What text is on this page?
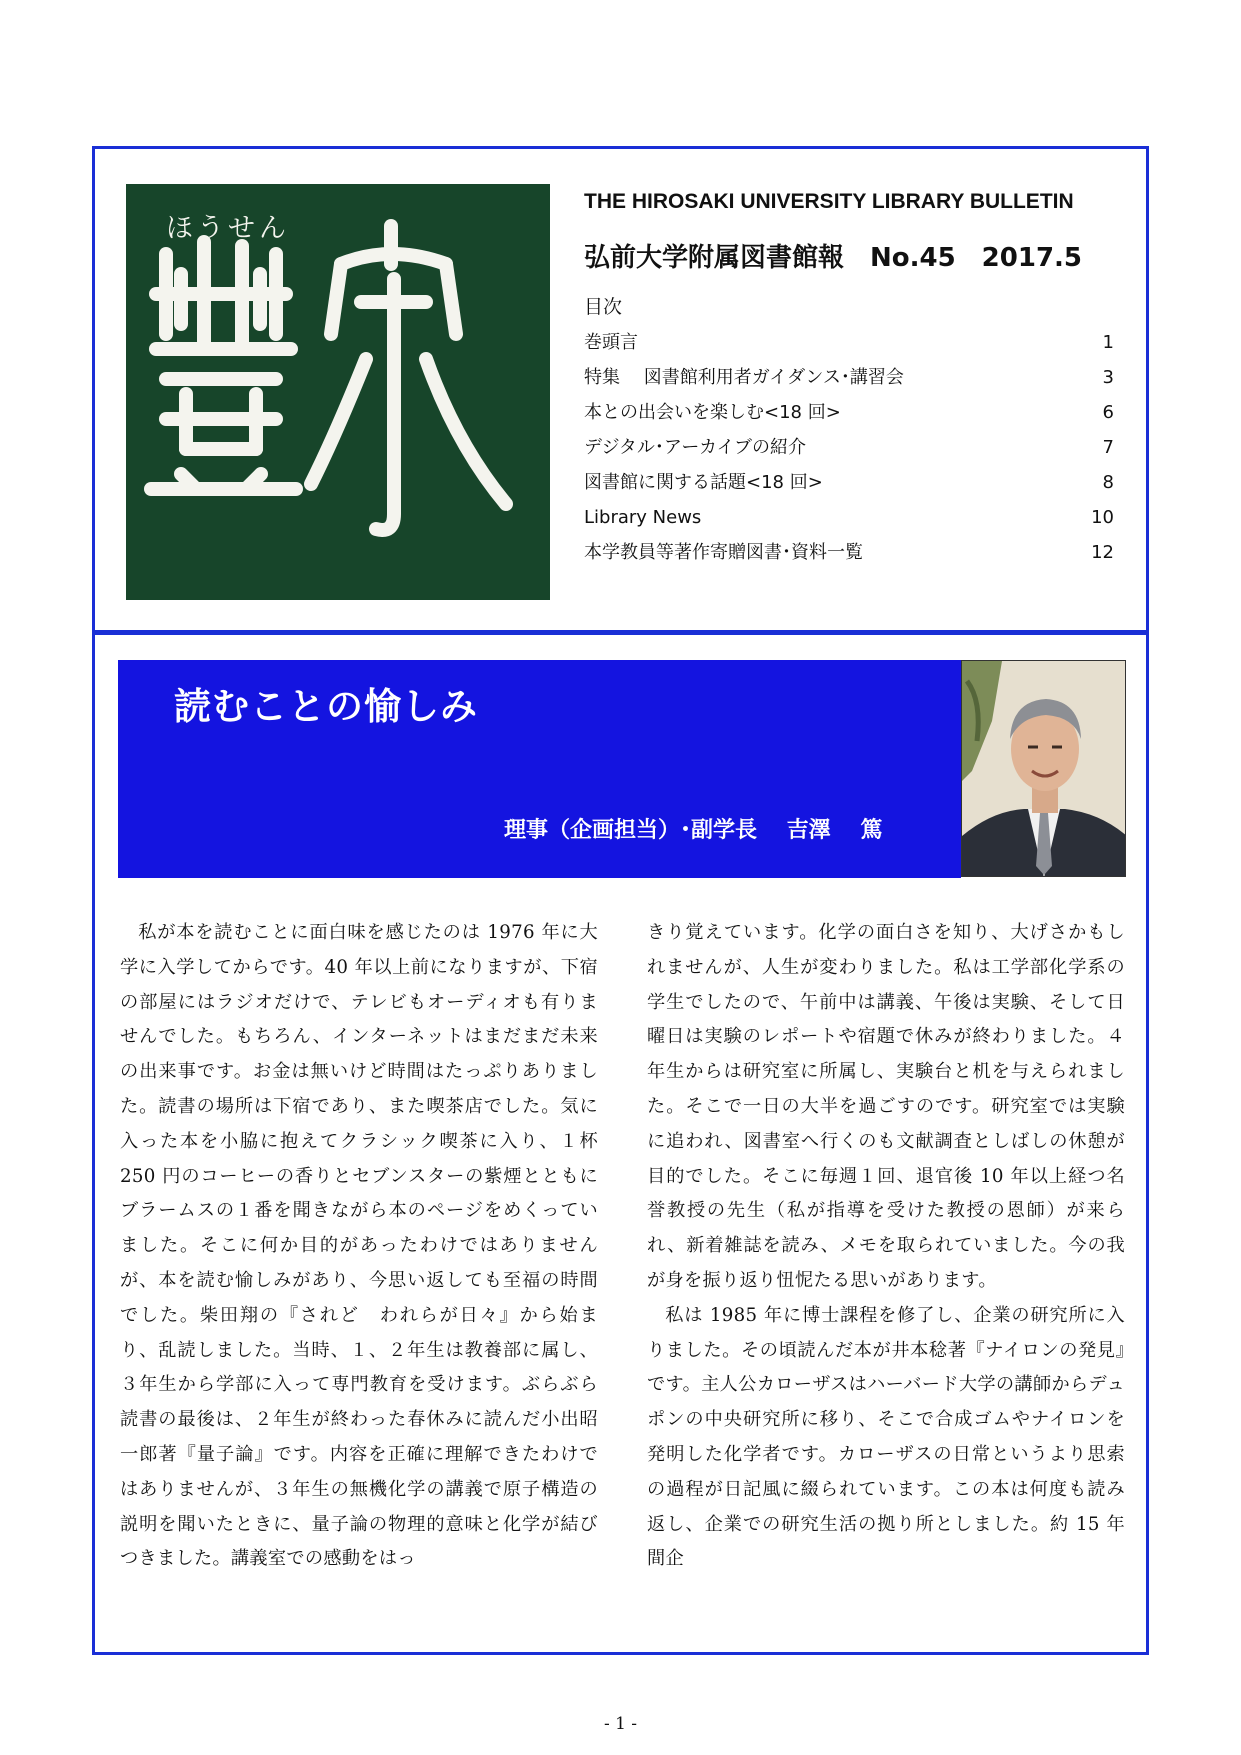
ほうせん
THE HIROSAKI UNIVERSITY LIBRARY BULLETIN
弘前大学附属図書館報　No.45　2017.5
目次
巻頭言	1
特集　 図書館利用者ガイダンス･講習会	3
本との出会いを楽しむ<18 回>	6
デジタル･アーカイブの紹介	7
図書館に関する話題<18 回>	8
Library News	10
本学教員等著作寄贈図書･資料一覧	12
読むことの愉しみ
理事（企画担当）･副学長　 吉澤　 篤

私が本を読むことに面白味を感じたのは 1976 年に大学に入学してからです。40 年以上前になりますが、下宿の部屋にはラジオだけで、テレビもオーディオも有りませんでした。もちろん、インターネットはまだまだ未来の出来事です。お金は無いけど時間はたっぷりありました。読書の場所は下宿であり、また喫茶店でした。気に入った本を小脇に抱えてクラシック喫茶に入り、１杯 250 円のコーヒーの香りとセブンスターの紫煙とともにブラームスの１番を聞きながら本のページをめくっていました。そこに何か目的があったわけではありませんが、本を読む愉しみがあり、今思い返しても至福の時間でした。柴田翔の『されど　われらが日々』から始まり、乱読しました。当時、１、２年生は教養部に属し、３年生から学部に入って専門教育を受けます。ぶらぶら読書の最後は、２年生が終わった春休みに読んだ小出昭一郎著『量子論』です。内容を正確に理解できたわけではありませんが、３年生の無機化学の講義で原子構造の説明を聞いたときに、量子論の物理的意味と化学が結びつきました。講義室での感動をはっ

きり覚えています。化学の面白さを知り、大げさかもしれませんが、人生が変わりました。私は工学部化学系の学生でしたので、午前中は講義、午後は実験、そして日曜日は実験のレポートや宿題で休みが終わりました。４年生からは研究室に所属し、実験台と机を与えられました。そこで一日の大半を過ごすのです。研究室では実験に追われ、図書室へ行くのも文献調査としばしの休憩が目的でした。そこに毎週１回、退官後 10 年以上経つ名誉教授の先生（私が指導を受けた教授の恩師）が来られ、新着雑誌を読み、メモを取られていました。今の我が身を振り返り忸怩たる思いがあります。

私は 1985 年に博士課程を修了し、企業の研究所に入りました。その頃読んだ本が井本稔著『ナイロンの発見』です。主人公カローザスはハーバード大学の講師からデュポンの中央研究所に移り、そこで合成ゴムやナイロンを発明した化学者です。カローザスの日常というより思索の過程が日記風に綴られています。この本は何度も読み返し、企業での研究生活の拠り所としました。約 15 年間企

- 1 -
